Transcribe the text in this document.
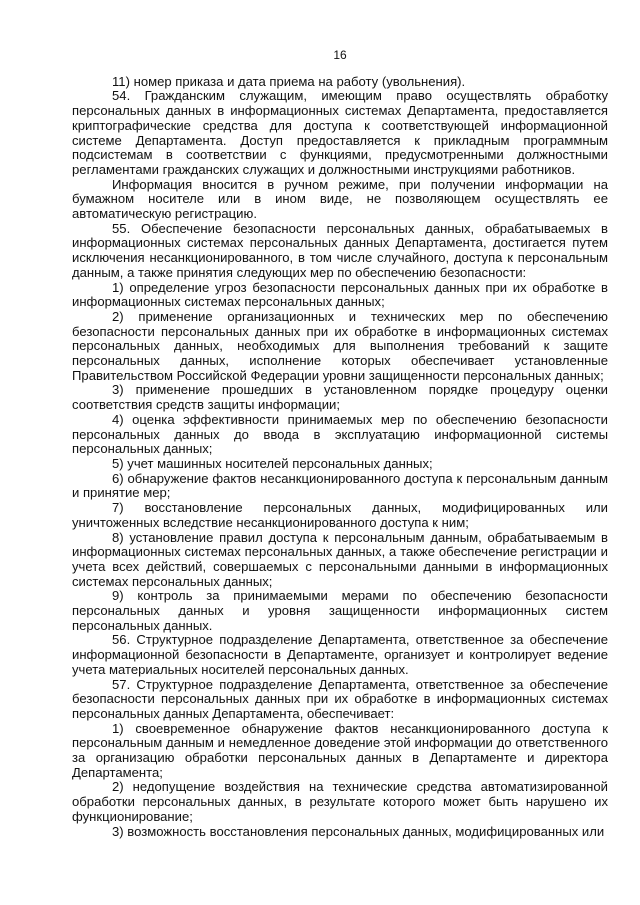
16

11) номер приказа и дата приема на работу (увольнения).

54. Гражданским служащим, имеющим право осуществлять обработку персональных данных в информационных системах Департамента, предоставляется криптографические средства для доступа к соответствующей информационной системе Департамента. Доступ предоставляется к прикладным программным подсистемам в соответствии с функциями, предусмотренными должностными регламентами гражданских служащих и должностными инструкциями работников.

Информация вносится в ручном режиме, при получении информации на бумажном носителе или в ином виде, не позволяющем осуществлять ее автоматическую регистрацию.

55. Обеспечение безопасности персональных данных, обрабатываемых в информационных системах персональных данных Департамента, достигается путем исключения несанкционированного, в том числе случайного, доступа к персональным данным, а также принятия следующих мер по обеспечению безопасности:

1) определение угроз безопасности персональных данных при их обработке в информационных системах персональных данных;

2) применение организационных и технических мер по обеспечению безопасности персональных данных при их обработке в информационных системах персональных данных, необходимых для выполнения требований к защите персональных данных, исполнение которых обеспечивает установленные Правительством Российской Федерации уровни защищенности персональных данных;

3) применение прошедших в установленном порядке процедуру оценки соответствия средств защиты информации;

4) оценка эффективности принимаемых мер по обеспечению безопасности персональных данных до ввода в эксплуатацию информационной системы персональных данных;

5) учет машинных носителей персональных данных;

6) обнаружение фактов несанкционированного доступа к персональным данным и принятие мер;

7) восстановление персональных данных, модифицированных или уничтоженных вследствие несанкционированного доступа к ним;

8) установление правил доступа к персональным данным, обрабатываемым в информационных системах персональных данных, а также обеспечение регистрации и учета всех действий, совершаемых с персональными данными в информационных системах персональных данных;

9) контроль за принимаемыми мерами по обеспечению безопасности персональных данных и уровня защищенности информационных систем персональных данных.

56. Структурное подразделение Департамента, ответственное за обеспечение информационной безопасности в Департаменте, организует и контролирует ведение учета материальных носителей персональных данных.

57. Структурное подразделение Департамента, ответственное за обеспечение безопасности персональных данных при их обработке в информационных системах персональных данных Департамента, обеспечивает:

1) своевременное обнаружение фактов несанкционированного доступа к персональным данным и немедленное доведение этой информации до ответственного за организацию обработки персональных данных в Департаменте и директора Департамента;

2) недопущение воздействия на технические средства автоматизированной обработки персональных данных, в результате которого может быть нарушено их функционирование;

3) возможность восстановления персональных данных, модифицированных или
